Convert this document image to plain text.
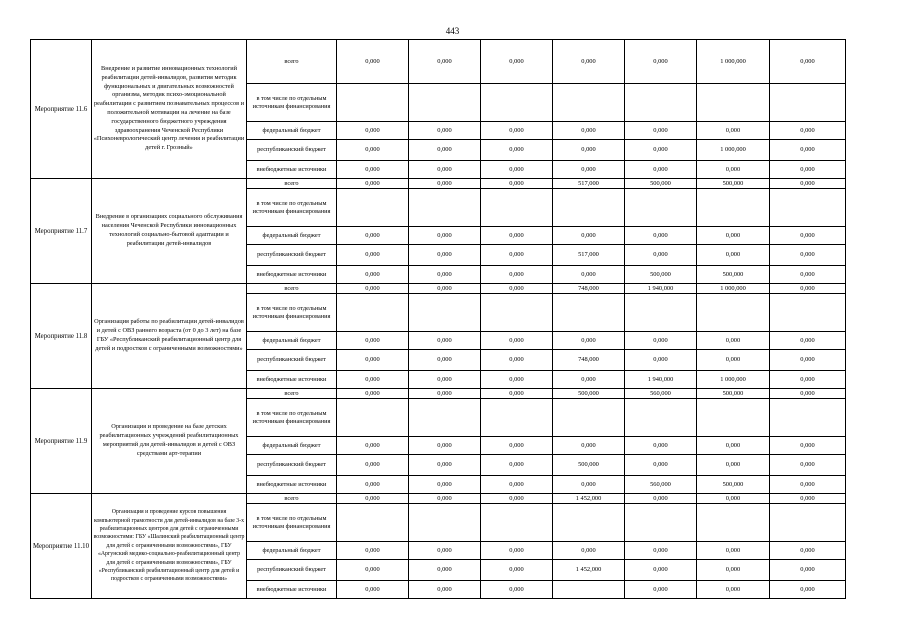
443
Мероприятие 11.6	Внедрение и развитие инновационных технологий реабилитации детей-инвалидов, развития методик функциональных и двигательных возможностей организма, методик психо-эмоциональной реабилитации с развитием познавательных процессов и положительной мотивации на лечение на базе государственного бюджетного учреждения здравоохранения Чеченской Республики «Психоневрологический центр лечения и реабилитации детей г. Грозный»	всего	0,000	0,000	0,000	0,000	0,000	1 000,000	0,000
		в том числе по отдельным источникам финансирования							
		федеральный бюджет	0,000	0,000	0,000	0,000	0,000	0,000	0,000
		республиканский бюджет	0,000	0,000	0,000	0,000	0,000	1 000,000	0,000
		внебюджетные источники	0,000	0,000	0,000	0,000	0,000	0,000	0,000
Мероприятие 11.7	Внедрение в организациях социального обслуживания населения Чеченской Республики инновационных технологий социально-бытовой адаптации и реабилитации детей-инвалидов	всего	0,000	0,000	0,000	517,000	500,000	500,000	0,000
		в том числе по отдельным источникам финансирования							
		федеральный бюджет	0,000	0,000	0,000	0,000	0,000	0,000	0,000
		республиканский бюджет	0,000	0,000	0,000	517,000	0,000	0,000	0,000
		внебюджетные источники	0,000	0,000	0,000	0,000	500,000	500,000	0,000
Мероприятие 11.8	Организация работы по реабилитации детей-инвалидов и детей с ОВЗ раннего возраста (от 0 до 3 лет) на базе ГБУ «Республиканский реабилитационный центр для детей и подростков с ограниченными возможностями»	всего	0,000	0,000	0,000	748,000	1 940,000	1 000,000	0,000
		в том числе по отдельным источникам финансирования							
		федеральный бюджет	0,000	0,000	0,000	0,000	0,000	0,000	0,000
		республиканский бюджет	0,000	0,000	0,000	748,000	0,000	0,000	0,000
		внебюджетные источники	0,000	0,000	0,000	0,000	1 940,000	1 000,000	0,000
Мероприятие 11.9	Организация и проведение на базе детских реабилитационных учреждений реабилитационных мероприятий для детей-инвалидов и детей с ОВЗ средствами арт-терапии	всего	0,000	0,000	0,000	500,000	560,000	500,000	0,000
		в том числе по отдельным источникам финансирования							
		федеральный бюджет	0,000	0,000	0,000	0,000	0,000	0,000	0,000
		республиканский бюджет	0,000	0,000	0,000	500,000	0,000	0,000	0,000
		внебюджетные источники	0,000	0,000	0,000	0,000	560,000	500,000	0,000
Мероприятие 11.10	Организация и проведение курсов повышения компьютерной грамотности для детей-инвалидов на базе 3-х реабилитационных центров для детей с ограниченными возможностями: ГБУ «Шалинский реабилитационный центр для детей с ограниченными возможностями», ГБУ «Аргунский медико-социально-реабилитационный центр для детей с ограниченными возможностями», ГБУ «Республиканский реабилитационный центр для детей и подростков с ограниченными возможностями»	всего	0,000	0,000	0,000	1 452,000	0,000	0,000	0,000
		в том числе по отдельным источникам финансирования							
		федеральный бюджет	0,000	0,000	0,000	0,000	0,000	0,000	0,000
		республиканский бюджет	0,000	0,000	0,000	1 452,000	0,000	0,000	0,000
		внебюджетные источники	0,000	0,000	0,000		0,000	0,000	0,000
